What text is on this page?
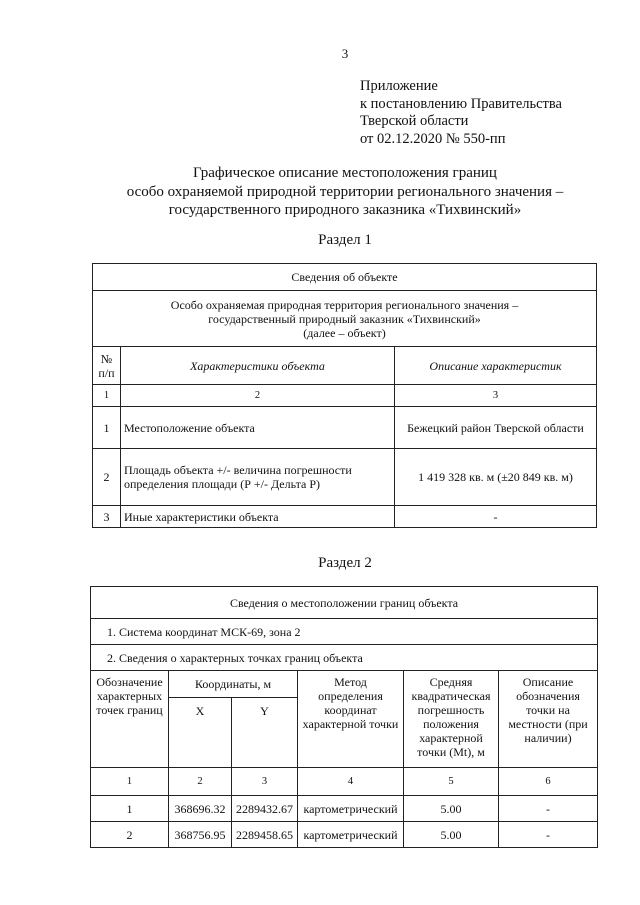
3
Приложение
к постановлению Правительства
Тверской области
от 02.12.2020 № 550-пп
Графическое описание местоположения границ
особо охраняемой природной территории регионального значения –
государственного природного заказника «Тихвинский»
Раздел 1
Сведения об объекте		

Особо охраняемая природная территория регионального значения –
государственный природный заказник «Тихвинский»
(далее – объект)		

№ п/п	Характеристики объекта	Описание характеристик
1	2	3
1	Местоположение объекта	Бежецкий район Тверской области
2	Площадь объекта +/- величина погрешности определения площади (Р +/- Дельта Р)	1 419 328 кв. м (±20 849 кв. м)
3	Иные характеристики объекта	-
Раздел 2
Сведения о местоположении границ объекта					
1. Система координат МСК-69, зона 2					
2. Сведения о характерных точках границ объекта					
Обозначение характерных точек границ	Координаты, м		Метод определения координат характерной точки	Средняя квадратическая погрешность положения характерной точки (Mt), м	Описание обозначения точки на местности (при наличии)
	X	Y			
1	2	3	4	5	6
1	368696.32	2289432.67	картометрический	5.00	-
2	368756.95	2289458.65	картометрический	5.00	-
